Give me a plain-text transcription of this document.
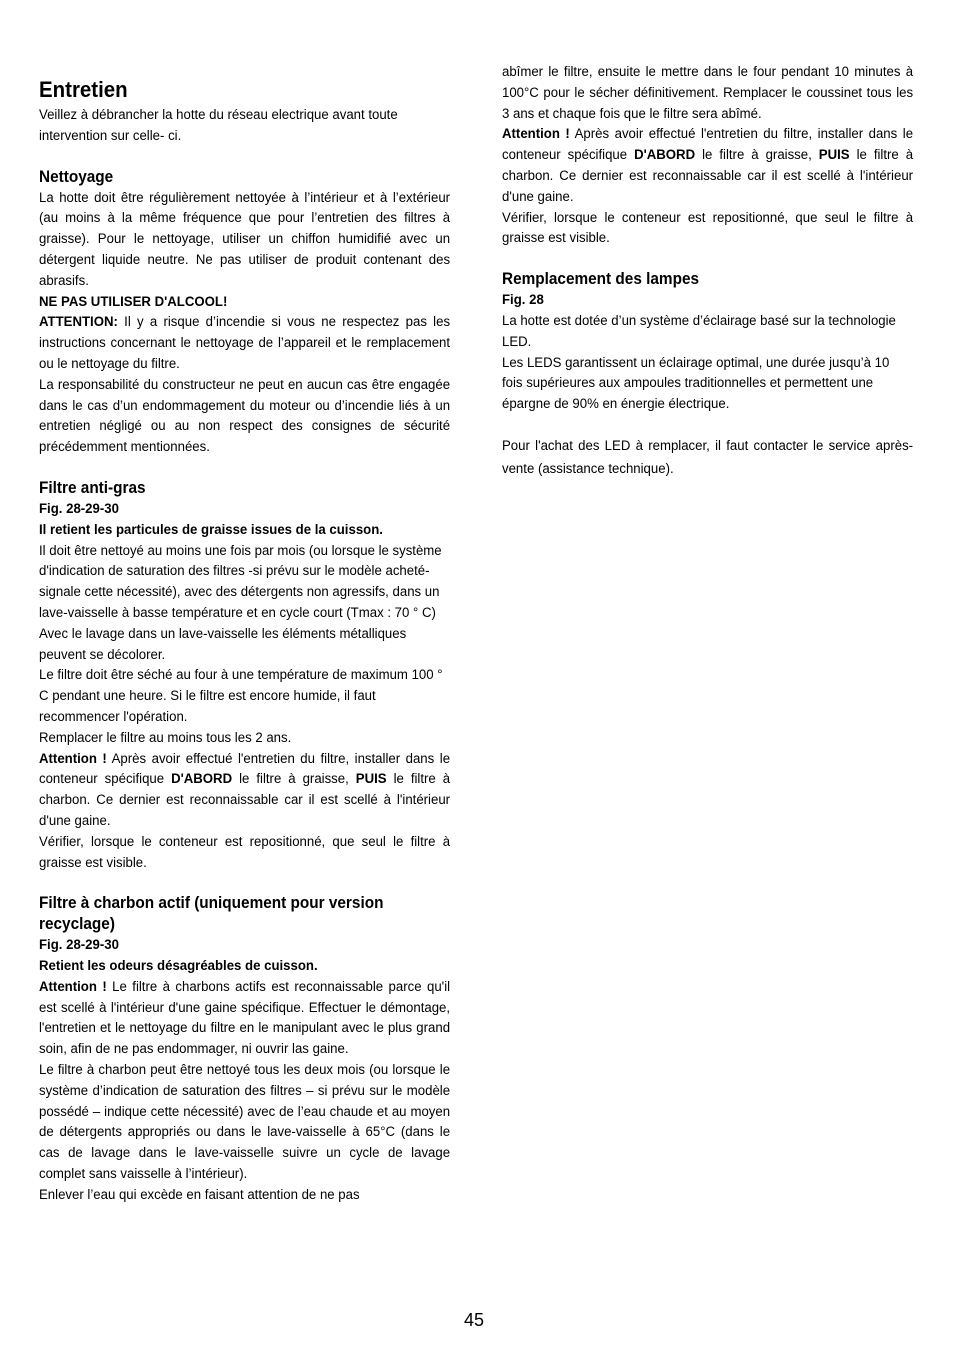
Entretien

Veillez à débrancher la hotte du réseau electrique avant toute intervention sur celle- ci.

Nettoyage

La hotte doit être régulièrement nettoyée à l’intérieur et à l’extérieur (au moins à la même fréquence que pour l’entretien des filtres à graisse). Pour le nettoyage, utiliser un chiffon humidifié avec un détergent liquide neutre. Ne pas utiliser de produit contenant des abrasifs.

NE PAS UTILISER D'ALCOOL!

ATTENTION: Il y a risque d’incendie si vous ne respectez pas les instructions concernant le nettoyage de l’appareil et le remplacement ou le nettoyage du filtre.

La responsabilité du constructeur ne peut en aucun cas être engagée dans le cas d’un endommagement du moteur ou d’incendie liés à un entretien négligé ou au non respect des consignes de sécurité précédemment mentionnées.

Filtre anti-gras

Fig. 28-29-30

Il retient les particules de graisse issues de la cuisson.

Il doit être nettoyé au moins une fois par mois (ou lorsque le système d'indication de saturation des filtres -si prévu sur le modèle acheté- signale cette nécessité), avec des détergents non agressifs, dans un lave-vaisselle à basse température et en cycle court (Tmax : 70 ° C)

Avec le lavage dans un lave-vaisselle les éléments métalliques peuvent se décolorer.

Le filtre doit être séché au four à une température de maximum 100 ° C pendant une heure. Si le filtre est encore humide, il faut recommencer l'opération.

Remplacer le filtre au moins tous les 2 ans.

Attention ! Après avoir effectué l'entretien du filtre, installer dans le conteneur spécifique D'ABORD le filtre à graisse, PUIS le filtre à charbon. Ce dernier est reconnaissable car il est scellé à l'intérieur d'une gaine.

Vérifier, lorsque le conteneur est repositionné, que seul le filtre à graisse est visible.

Filtre à charbon actif (uniquement pour version recyclage)

Fig. 28-29-30

Retient les odeurs désagréables de cuisson.

Attention ! Le filtre à charbons actifs est reconnaissable parce qu'il est scellé à l'intérieur d'une gaine spécifique. Effectuer le démontage, l'entretien et le nettoyage du filtre en le manipulant avec le plus grand soin, afin de ne pas endommager, ni ouvrir las gaine.

Le filtre à charbon peut être nettoyé tous les deux mois (ou lorsque le système d’indication de saturation des filtres – si prévu sur le modèle possédé – indique cette nécessité) avec de l’eau chaude et au moyen de détergents appropriés ou dans le lave-vaisselle à 65°C (dans le cas de lavage dans le lave-vaisselle suivre un cycle de lavage complet sans vaisselle à l’intérieur).

Enlever l’eau qui excède en faisant attention de ne pas

abîmer le filtre, ensuite le mettre dans le four pendant 10 minutes à 100°C pour le sécher définitivement. Remplacer le coussinet tous les 3 ans et chaque fois que le filtre sera abîmé.

Attention ! Après avoir effectué l'entretien du filtre, installer dans le conteneur spécifique D'ABORD le filtre à graisse, PUIS le filtre à charbon. Ce dernier est reconnaissable car il est scellé à l'intérieur d'une gaine.

Vérifier, lorsque le conteneur est repositionné, que seul le filtre à graisse est visible.

Remplacement des lampes

Fig. 28

La hotte est dotée d’un système d’éclairage basé sur la technologie LED.

Les LEDS garantissent un éclairage optimal, une durée jusqu’à 10 fois supérieures aux ampoules traditionnelles et permettent une épargne de 90% en énergie électrique.

Pour l'achat des LED à remplacer, il faut contacter le service après-vente (assistance technique).

45
